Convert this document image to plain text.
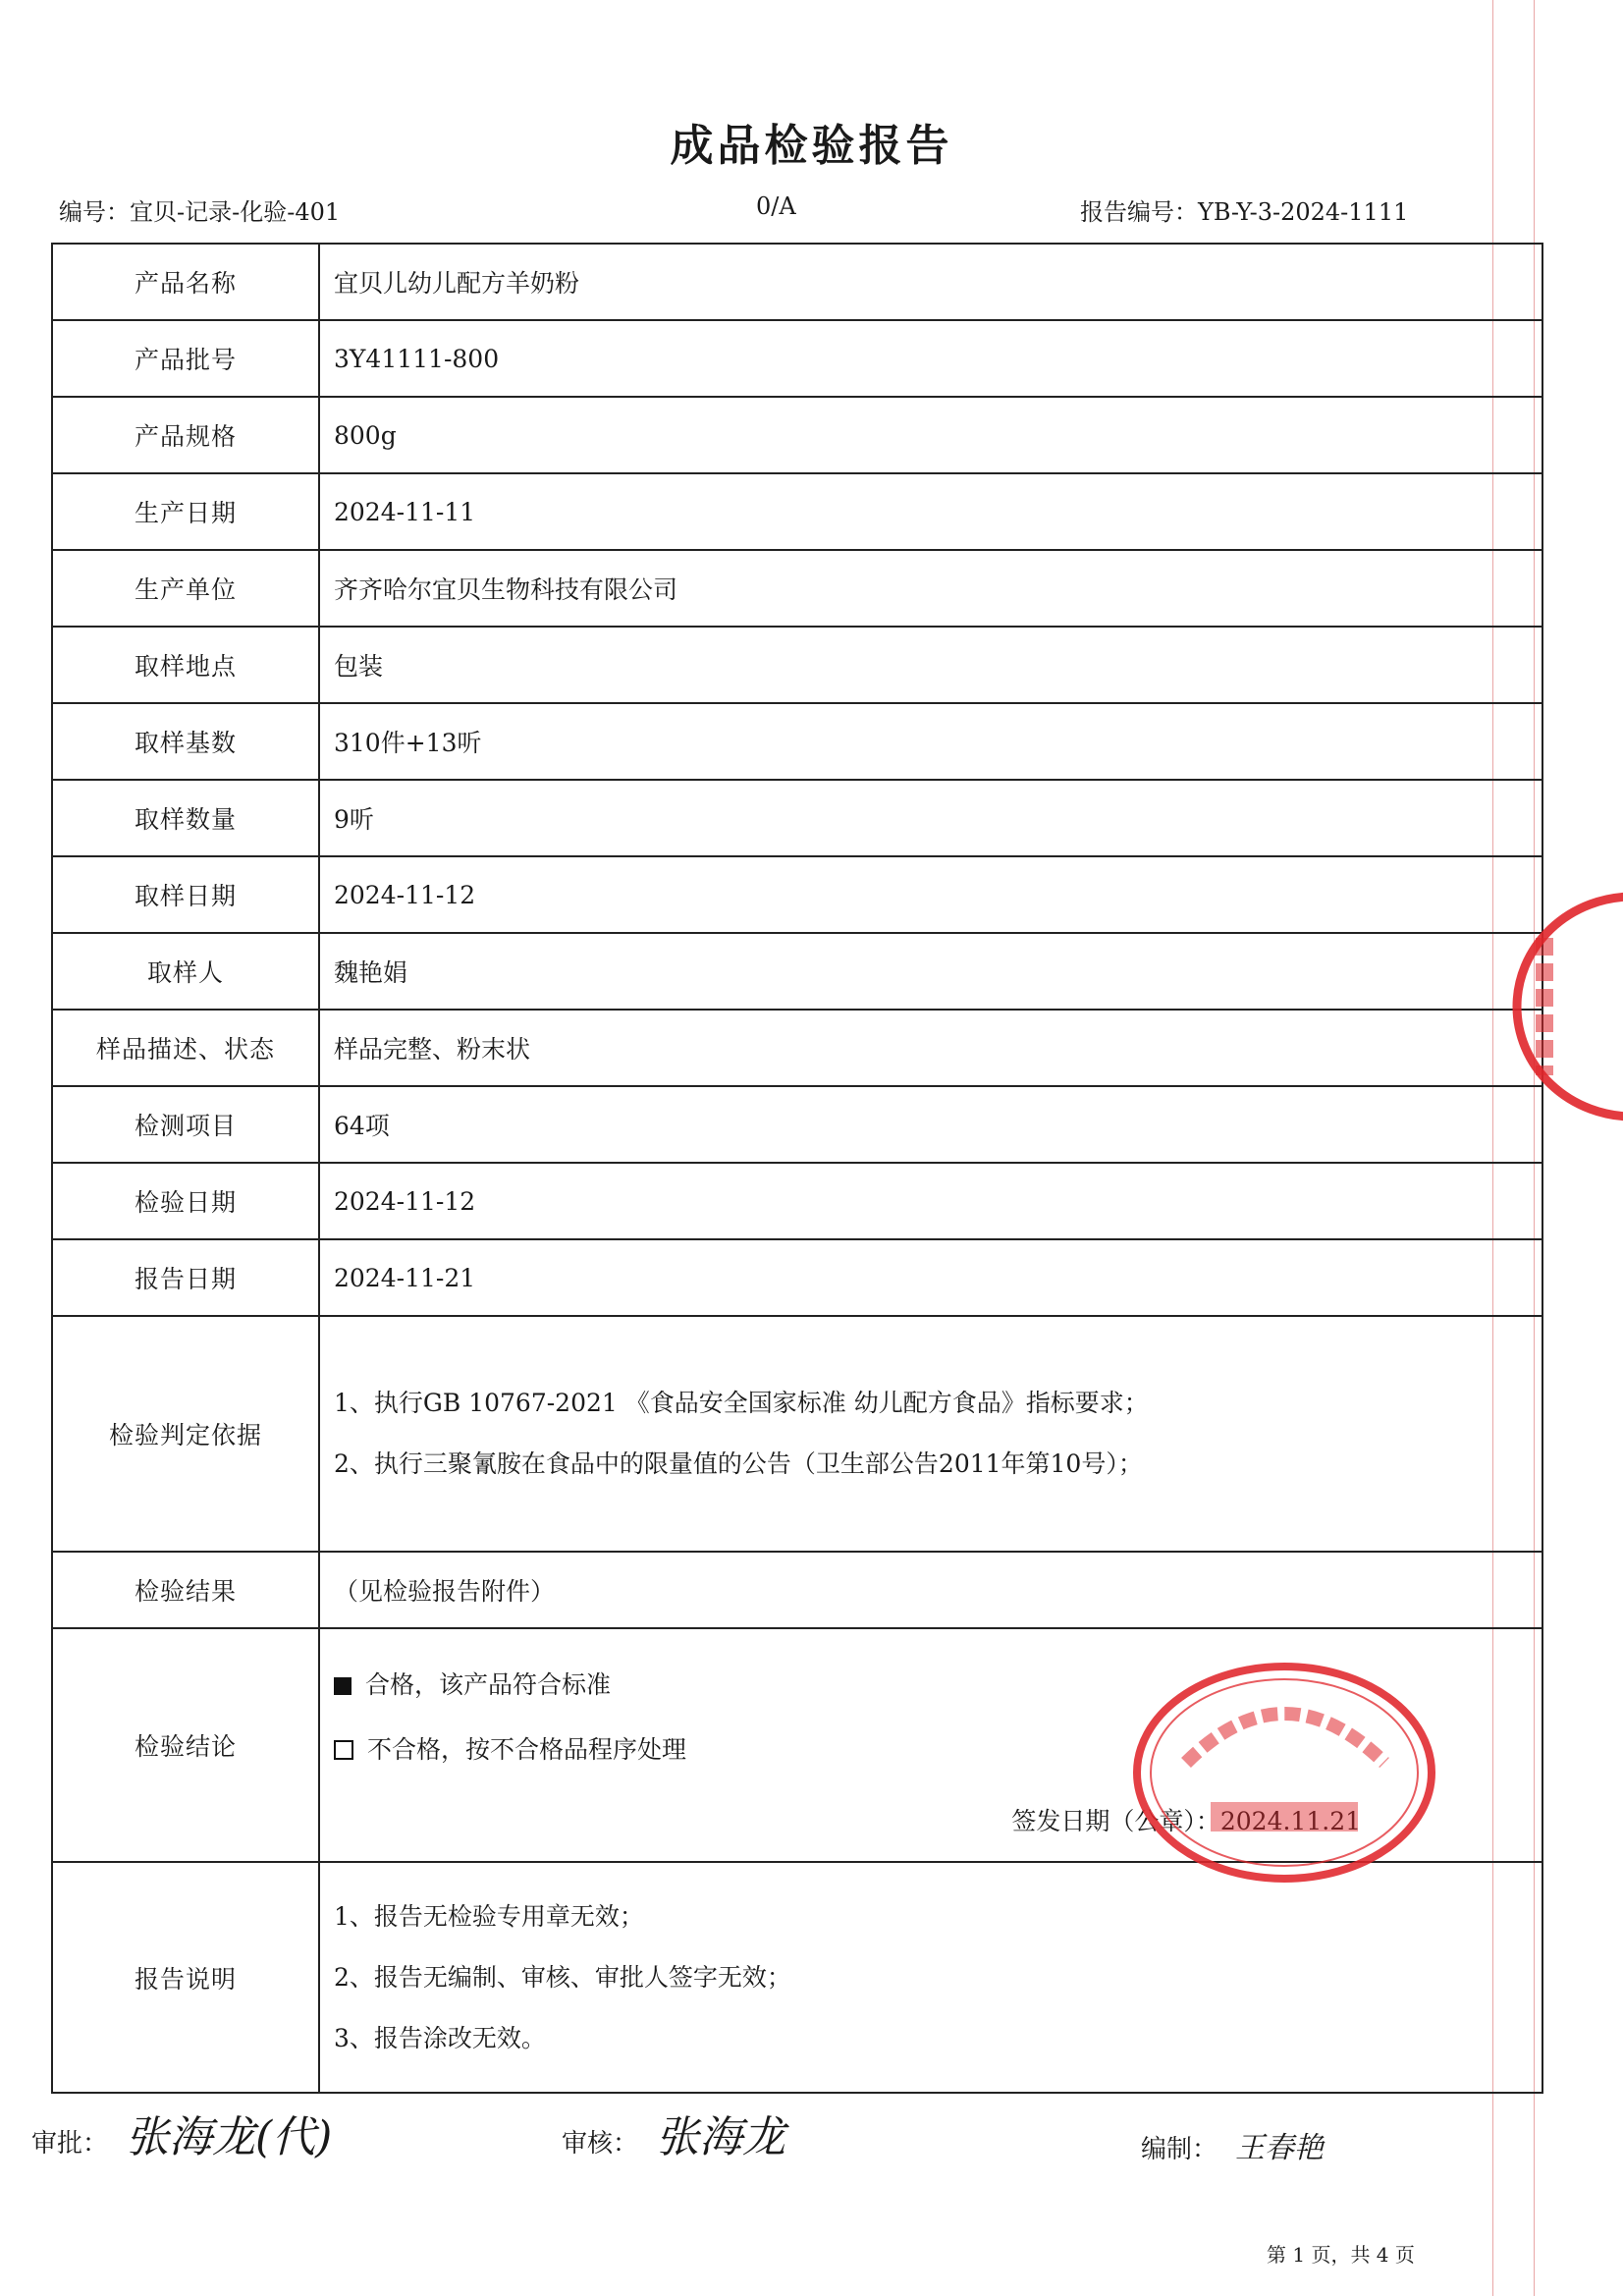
成品检验报告
编号：宜贝-记录-化验-401	0/A	报告编号：YB-Y-3-2024-1111
产品名称	宜贝儿幼儿配方羊奶粉
产品批号	3Y41111-800
产品规格	800g
生产日期	2024-11-11
生产单位	齐齐哈尔宜贝生物科技有限公司
取样地点	包装
取样基数	310件+13听
取样数量	9听
取样日期	2024-11-12
取样人	魏艳娟
样品描述、状态	样品完整、粉末状
检测项目	64项
检验日期	2024-11-12
报告日期	2024-11-21
检验判定依据	1、执行GB 10767-2021 《食品安全国家标准 幼儿配方食品》指标要求；
2、执行三聚氰胺在食品中的限量值的公告（卫生部公告2011年第10号）；

检验结果	（见检验报告附件）
检验结论	合格，该产品符合标准
不合格，按不合格品程序处理
签发日期（公章）：2024.11.21

报告说明	1、报告无检验专用章无效；
2、报告无编制、审核、审批人签字无效；
3、报告涂改无效。
审批： 张海龙(代)	审核： 张海龙	编制： 王春艳
第 1 页，共 4 页
